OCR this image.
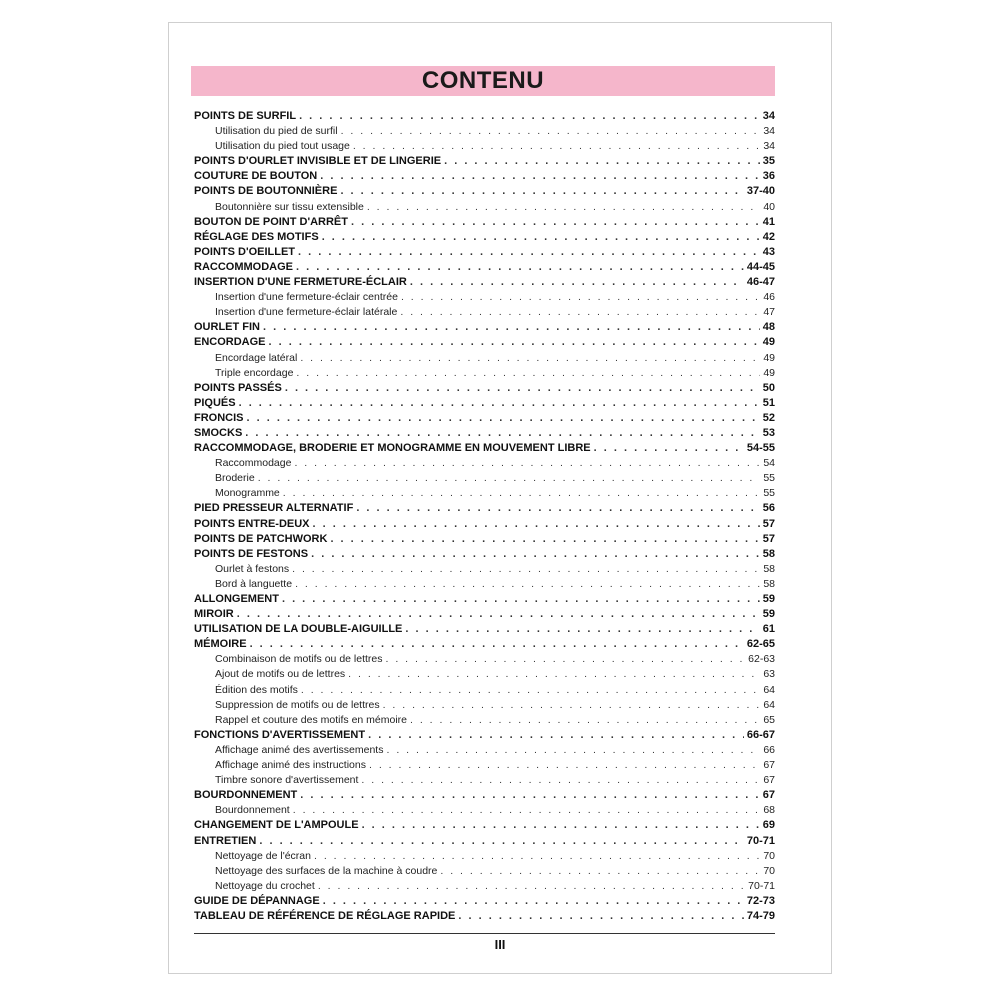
CONTENU
POINTS DE SURFIL . . .	34
Utilisation du pied de surfil . . .	34
Utilisation du pied tout usage . . .	34
POINTS D'OURLET INVISIBLE ET DE LINGERIE . . .	35
COUTURE DE BOUTON . . .	36
POINTS DE BOUTONNIÈRE . . .	37-40
Boutonnière sur tissu extensible . . .	40
BOUTON DE POINT D'ARRÊT . . .	41
RÉGLAGE DES MOTIFS . . .	42
POINTS D'OEILLET . . .	43
RACCOMMODAGE . . .	44-45
INSERTION D'UNE FERMETURE-ÉCLAIR . . .	46-47
Insertion d'une fermeture-éclair centrée . . .	46
Insertion d'une fermeture-éclair latérale . . .	47
OURLET FIN . . .	48
ENCORDAGE . . .	49
Encordage latéral . . .	49
Triple encordage . . .	49
POINTS PASSÉS . . .	50
PIQUÉS . . .	51
FRONCIS . . .	52
SMOCKS . . .	53
RACCOMMODAGE, BRODERIE ET MONOGRAMME EN MOUVEMENT LIBRE . . .	54-55
Raccommodage . . .	54
Broderie . . .	55
Monogramme . . .	55
PIED PRESSEUR ALTERNATIF . . .	56
POINTS ENTRE-DEUX . . .	57
POINTS DE PATCHWORK . . .	57
POINTS DE FESTONS . . .	58
Ourlet à festons . . .	58
Bord à languette . . .	58
ALLONGEMENT . . .	59
MIROIR . . .	59
UTILISATION DE LA DOUBLE-AIGUILLE . . .	61
MÉMOIRE . . .	62-65
Combinaison de motifs ou de lettres . . .	62-63
Ajout de motifs ou de lettres . . .	63
Édition des motifs . . .	64
Suppression de motifs ou de lettres . . .	64
Rappel et couture des motifs en mémoire . . .	65
FONCTIONS D'AVERTISSEMENT . . .	66-67
Affichage animé des avertissements . . .	66
Affichage animé des instructions . . .	67
Timbre sonore d'avertissement . . .	67
BOURDONNEMENT . . .	67
Bourdonnement . . .	68
CHANGEMENT DE L'AMPOULE . . .	69
ENTRETIEN . . .	70-71
Nettoyage de l'écran . . .	70
Nettoyage des surfaces de la machine à coudre . . .	70
Nettoyage du crochet . . .	70-71
GUIDE DE DÉPANNAGE . . .	72-73
TABLEAU DE RÉFÉRENCE DE RÉGLAGE RAPIDE . . .	74-79
III
